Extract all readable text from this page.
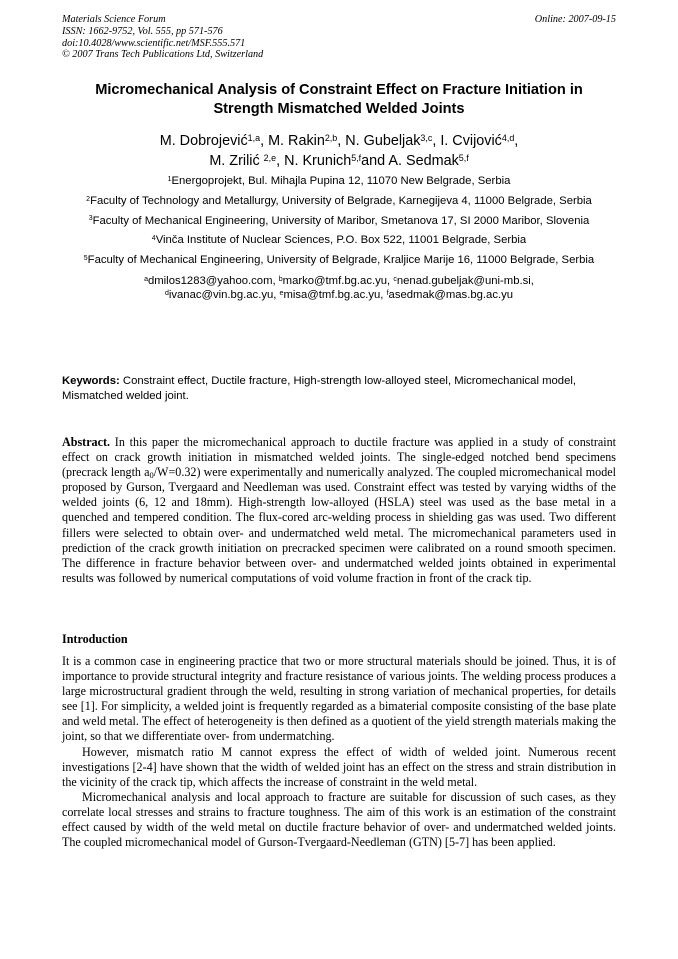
Materials Science Forum
ISSN: 1662-9752, Vol. 555, pp 571-576
doi:10.4028/www.scientific.net/MSF.555.571
© 2007 Trans Tech Publications Ltd, Switzerland
Online: 2007-09-15
Micromechanical Analysis of Constraint Effect on Fracture Initiation in
Strength Mismatched Welded Joints
M. Dobrojević$^{1,a}$, M. Rakin$^{2,b}$, N. Gubeljak$^{3,c}$, I. Cvijović$^{4,d}$,
M. Zrilić $^{2,e}$, N. Krunich$^{5,f}$and A. Sedmak$^{5,f}$
$^1$Energoprojekt, Bul. Mihajla Pupina 12, 11070 New Belgrade, Serbia
$^2$Faculty of Technology and Metallurgy, University of Belgrade, Karnegijeva 4, 11000 Belgrade, Serbia
$^3$Faculty of Mechanical Engineering, University of Maribor, Smetanova 17, SI 2000 Maribor, Slovenia
$^4$Vinča Institute of Nuclear Sciences, P.O. Box 522, 11001 Belgrade, Serbia
$^5$Faculty of Mechanical Engineering, University of Belgrade, Kraljice Marije 16, 11000 Belgrade, Serbia
$^a$dmilos1283@yahoo.com, $^b$marko@tmf.bg.ac.yu, $^c$nenad.gubeljak@uni-mb.si,
$^d$ivanac@vin.bg.ac.yu, $^e$misa@tmf.bg.ac.yu, $^f$asedmak@mas.bg.ac.yu
Keywords: Constraint effect, Ductile fracture, High-strength low-alloyed steel, Micromechanical model, Mismatched welded joint.
Abstract. In this paper the micromechanical approach to ductile fracture was applied in a study of constraint effect on crack growth initiation in mismatched welded joints. The single-edged notched bend specimens (precrack length $a_0/W=0.32$) were experimentally and numerically analyzed. The coupled micromechanical model proposed by Gurson, Tvergaard and Needleman was used. Constraint effect was tested by varying widths of the welded joints (6, 12 and 18mm). High-strength low-alloyed (HSLA) steel was used as the base metal in a quenched and tempered condition. The flux-cored arc-welding process in shielding gas was used. Two different fillers were selected to obtain over- and undermatched weld metal. The micromechanical parameters used in prediction of the crack growth initiation on precracked specimen were calibrated on a round smooth specimen. The difference in fracture behavior between over- and undermatched welded joints obtained in experimental results was followed by numerical computations of void volume fraction in front of the crack tip.
Introduction

It is a common case in engineering practice that two or more structural materials should be joined. Thus, it is of importance to provide structural integrity and fracture resistance of various joints. The welding process produces a large microstructural gradient through the weld, resulting in strong variation of mechanical properties, for details see [1]. For simplicity, a welded joint is frequently regarded as a bimaterial composite consisting of the base plate and weld metal. The effect of heterogeneity is then defined as a quotient of the yield strength materials making the joint, so that we differentiate over- from undermatching.

However, mismatch ratio M cannot express the effect of width of welded joint. Numerous recent investigations [2-4] have shown that the width of welded joint has an effect on the stress and strain distribution in the vicinity of the crack tip, which affects the increase of constraint in the weld metal.

Micromechanical analysis and local approach to fracture are suitable for discussion of such cases, as they correlate local stresses and strains to fracture toughness. The aim of this work is an estimation of the constraint effect caused by width of the weld metal on ductile fracture behavior of over- and undermatched welded joints. The coupled micromechanical model of Gurson-Tvergaard-Needleman (GTN) [5-7] has been applied.
